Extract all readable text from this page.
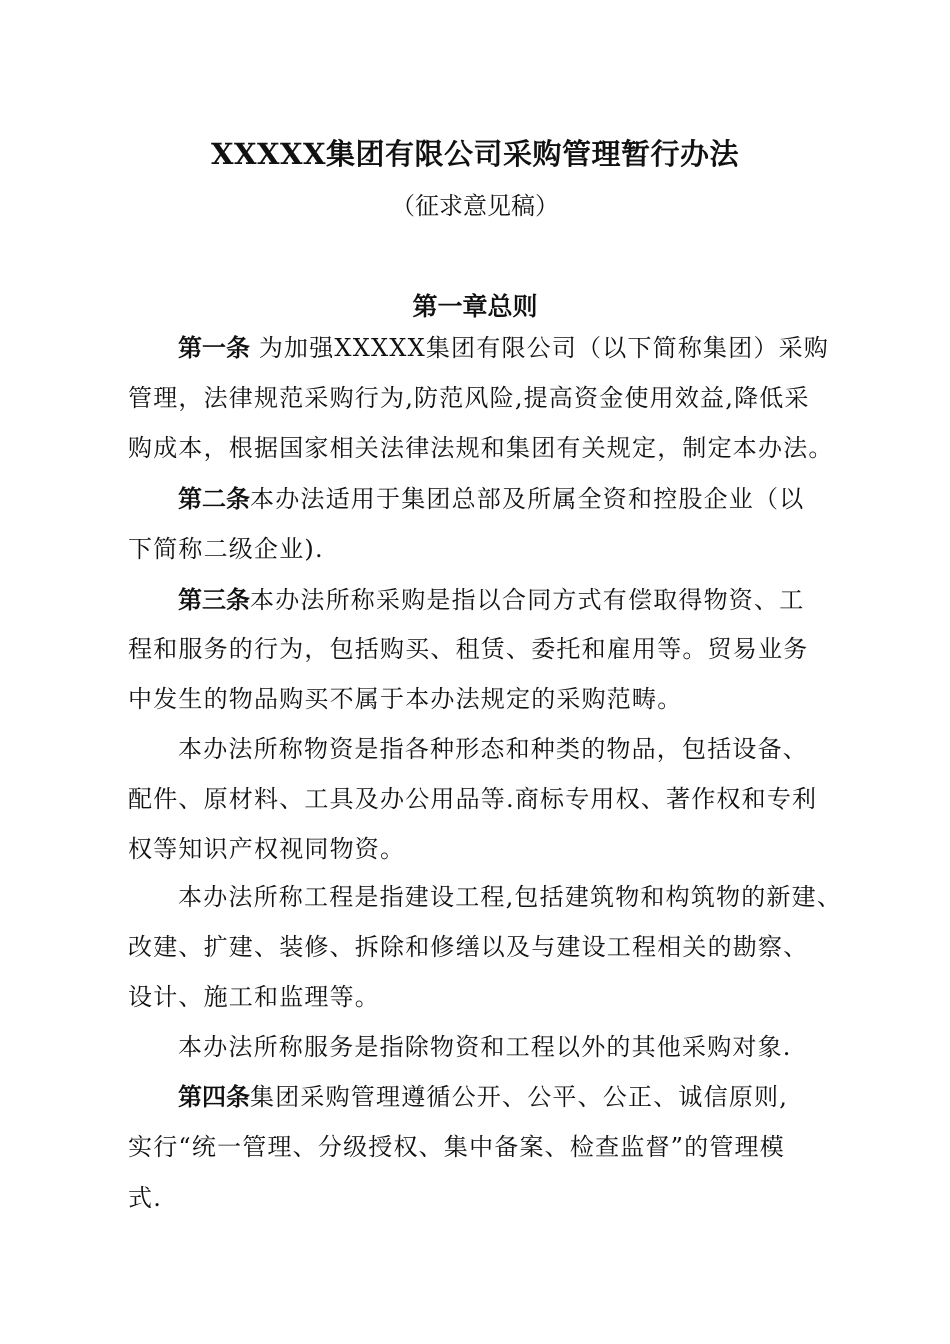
XXXXX集团有限公司采购管理暂行办法
（征求意见稿）
第一章总则
第一条 为加强XXXXX集团有限公司（以下简称集团）采购
管理，法律规范采购行为,防范风险,提高资金使用效益,降低采
购成本，根据国家相关法律法规和集团有关规定，制定本办法。
第二条本办法适用于集团总部及所属全资和控股企业（以
下简称二级企业).
第三条本办法所称采购是指以合同方式有偿取得物资、工
程和服务的行为，包括购买、租赁、委托和雇用等。贸易业务
中发生的物品购买不属于本办法规定的采购范畴。
本办法所称物资是指各种形态和种类的物品，包括设备、
配件、原材料、工具及办公用品等.商标专用权、著作权和专利
权等知识产权视同物资。
本办法所称工程是指建设工程,包括建筑物和构筑物的新建、
改建、扩建、装修、拆除和修缮以及与建设工程相关的勘察、
设计、施工和监理等。
本办法所称服务是指除物资和工程以外的其他采购对象.
第四条集团采购管理遵循公开、公平、公正、诚信原则,
实行“统一管理、分级授权、集中备案、检查监督”的管理模
式.
